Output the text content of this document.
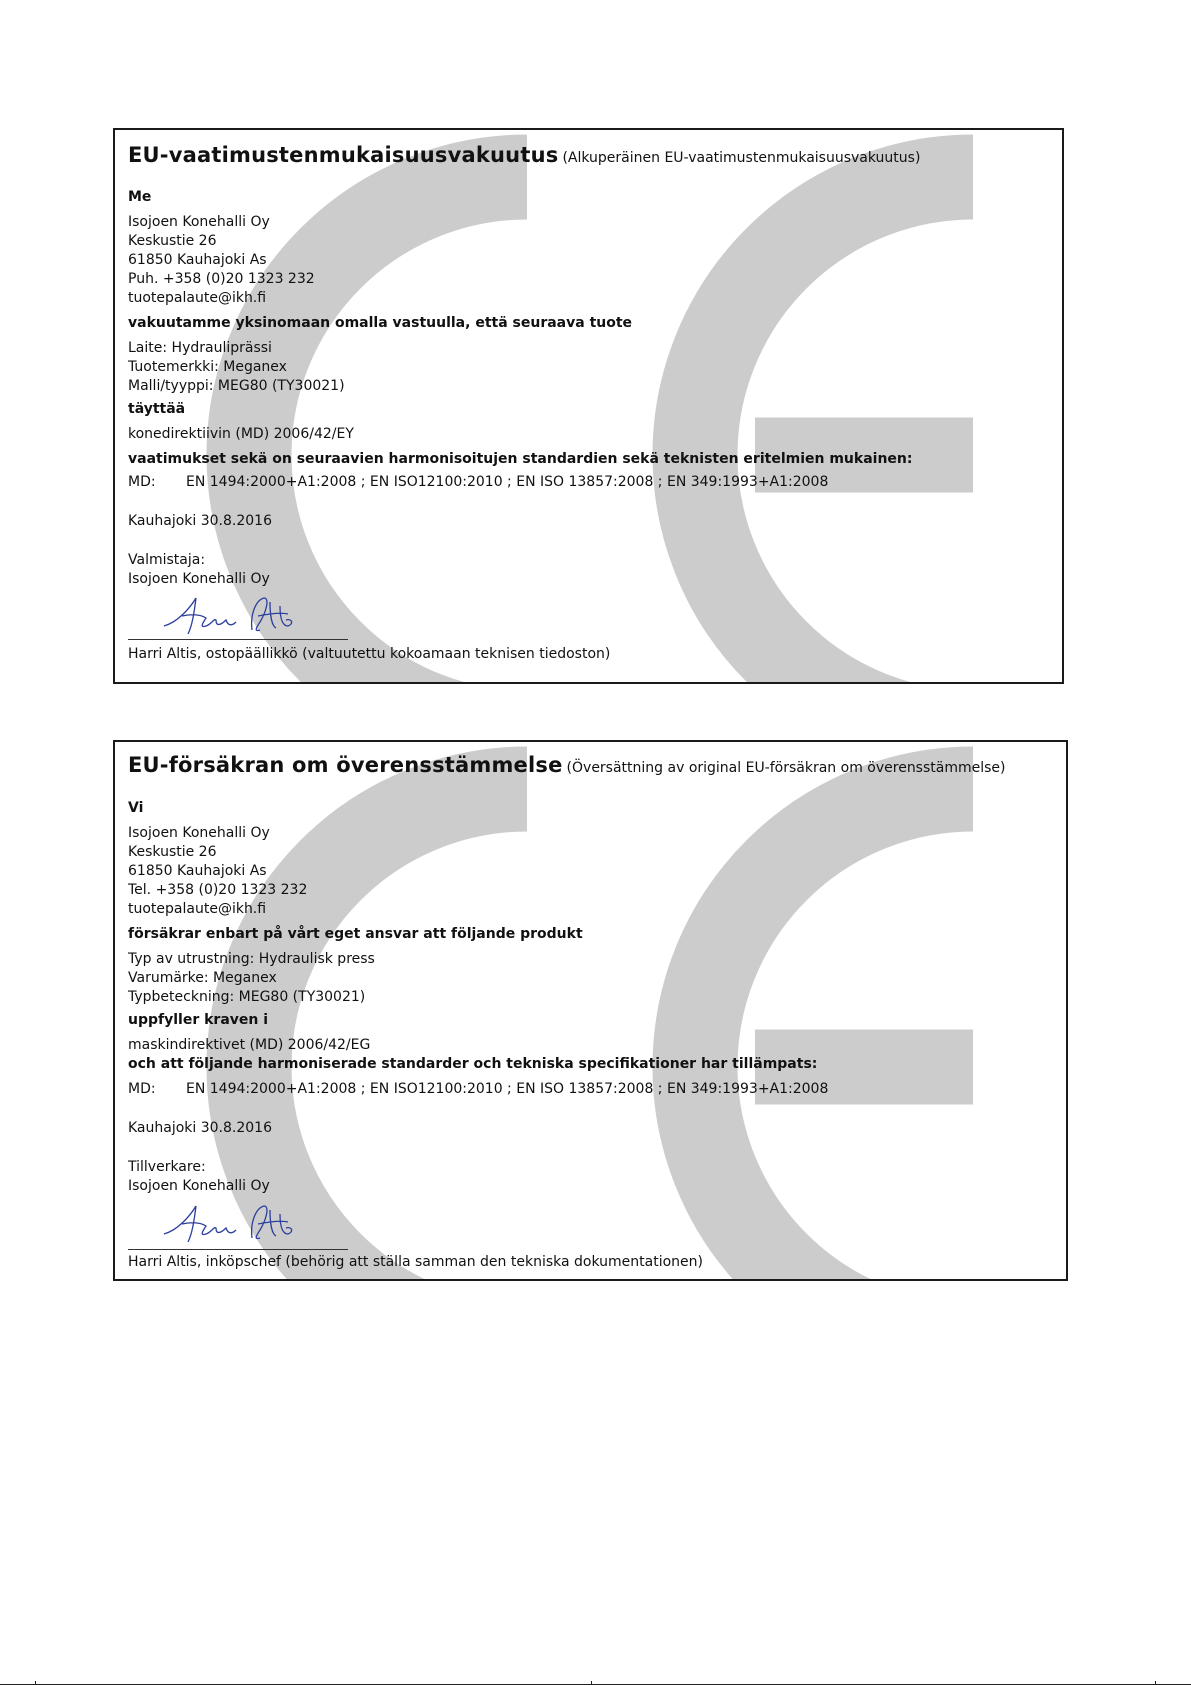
EU-vaatimustenmukaisuusvakuutus (Alkuperäinen EU-vaatimustenmukaisuusvakuutus)
Me
Isojoen Konehalli Oy
Keskustie 26
61850 Kauhajoki As
Puh. +358 (0)20 1323 232
tuotepalaute@ikh.fi
vakuutamme yksinomaan omalla vastuulla, että seuraava tuote
Laite: Hydrauliprässi
Tuotemerkki: Meganex
Malli/tyyppi: MEG80 (TY30021)
täyttää
konedirektiivin (MD) 2006/42/EY
vaatimukset sekä on seuraavien harmonisoitujen standardien sekä teknisten eritelmien mukainen:
MD: EN 1494:2000+A1:2008 ; EN ISO12100:2010 ; EN ISO 13857:2008 ; EN 349:1993+A1:2008
Kauhajoki 30.8.2016
Valmistaja:
Isojoen Konehalli Oy
Harri Altis, ostopäällikkö (valtuutettu kokoamaan teknisen tiedoston)
EU-försäkran om överensstämmelse (Översättning av original EU-försäkran om överensstämmelse)
Vi
Isojoen Konehalli Oy
Keskustie 26
61850 Kauhajoki As
Tel. +358 (0)20 1323 232
tuotepalaute@ikh.fi
försäkrar enbart på vårt eget ansvar att följande produkt
Typ av utrustning: Hydraulisk press
Varumärke: Meganex
Typbeteckning: MEG80 (TY30021)
uppfyller kraven i
maskindirektivet (MD) 2006/42/EG
och att följande harmoniserade standarder och tekniska specifikationer har tillämpats:
MD: EN 1494:2000+A1:2008 ; EN ISO12100:2010 ; EN ISO 13857:2008 ; EN 349:1993+A1:2008
Kauhajoki 30.8.2016
Tillverkare:
Isojoen Konehalli Oy
Harri Altis, inköpschef (behörig att ställa samman den tekniska dokumentationen)
